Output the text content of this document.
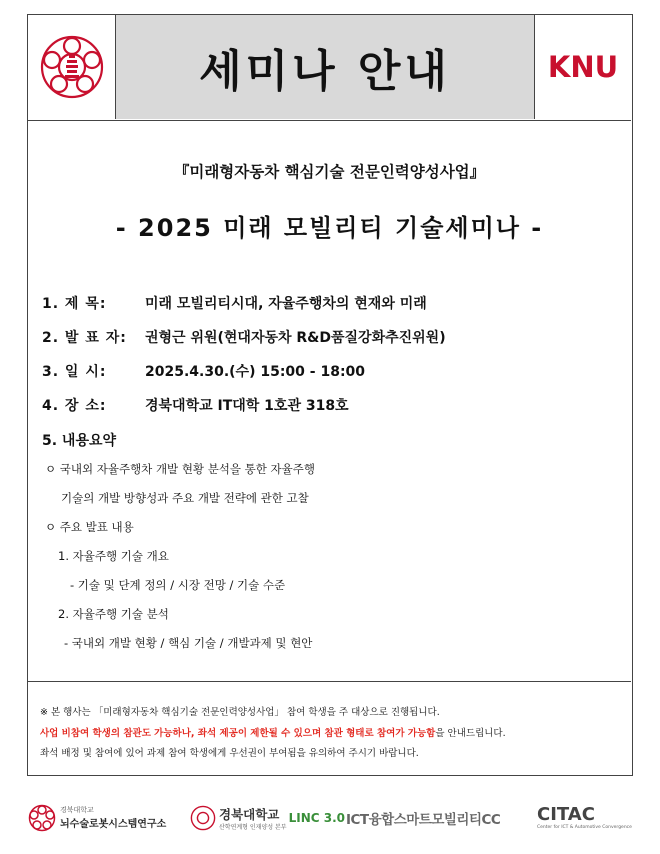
세미나 안내	KNU
『미래형자동차 핵심기술 전문인력양성사업』
- 2025 미래 모빌리티 기술세미나 -
1. 제 목:	미래 모빌리티시대, 자율주행차의 현재와 미래
2. 발 표 자: 권형근 위원(현대자동차 R&D품질강화추진위원)
3. 일 시:	2025.4.30.(수) 15:00 - 18:00
4. 장 소:	경북대학교 IT대학 1호관 318호
5. 내용요약
ㅇ 국내외 자율주행차 개발 현황 분석을 통한 자율주행
기술의 개발 방향성과 주요 개발 전략에 관한 고찰
ㅇ 주요 발표 내용
1. 자율주행 기술 개요
- 기술 및 단계 정의 / 시장 전망 / 기술 수준
2. 자율주행 기술 분석
- 국내외 개발 현황 / 핵심 기술 / 개발과제 및 현안
※ 본 행사는 「미래형자동차 핵심기술 전문인력양성사업」 참여 학생을 주 대상으로 진행됩니다.
사업 비참여 학생의 참관도 가능하나, 좌석 제공이 제한될 수 있으며 참관 형태로 참여가 가능함을 안내드립니다.
좌석 배정 및 참여에 있어 과제 참여 학생에게 우선권이 부여됨을 유의하여 주시기 바랍니다.
경북대학교
뇌수술로봇시스템연구소
경북대학교
산학연계형 인재양성 본부
LINC 3.0 ICT융합스마트모빌리티CC CITAC
Center for ICT & Automotive Convergence
